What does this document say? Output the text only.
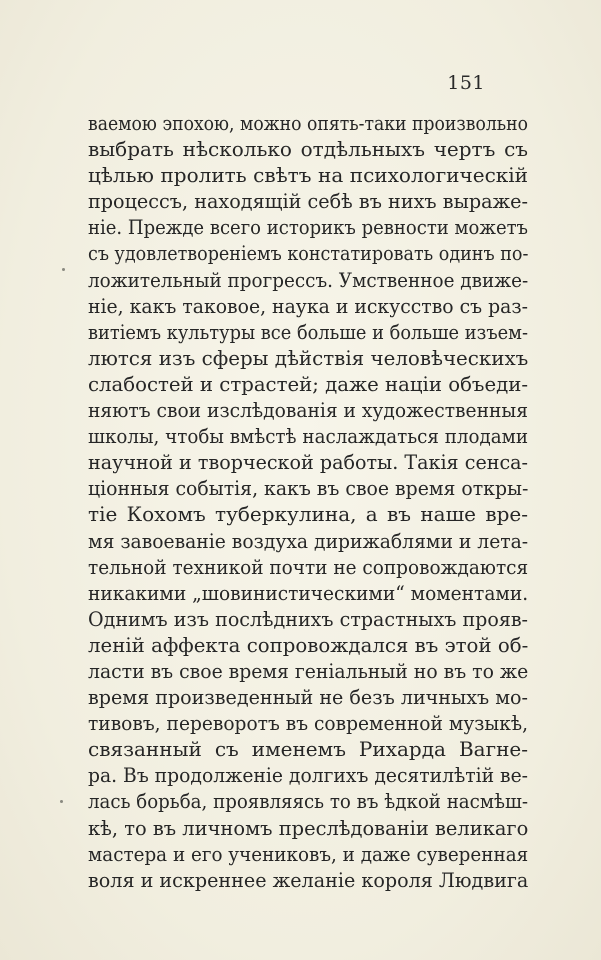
151
ваемою эпохою, можно опять-таки произвольно
выбрать нѣсколько отдѣльныхъ чертъ съ
цѣлью пролить свѣтъ на психологическій
процессъ, находящій себѣ въ нихъ выраже-
ніе. Прежде всего историкъ ревности можетъ
съ удовлетвореніемъ констатировать одинъ по-
ложительный прогрессъ. Умственное движе-
ніе, какъ таковое, наука и искусство съ раз-
витіемъ культуры все больше и больше изъем-
лются изъ сферы дѣйствія человѣческихъ
слабостей и страстей; даже націи объеди-
няютъ свои изслѣдованія и художественныя
школы, чтобы вмѣстѣ наслаждаться плодами
научной и творческой работы. Такія сенса-
ціонныя событія, какъ въ свое время откры-
тіе Кохомъ туберкулина, а въ наше вре-
мя завоеваніе воздуха дирижаблями и лета-
тельной техникой почти не сопровождаются
никакими „шовинистическими“ моментами.
Однимъ изъ послѣднихъ страстныхъ прояв-
леній аффекта сопровождался въ этой об-
ласти въ свое время геніальный но въ то же
время произведенный не безъ личныхъ мо-
тивовъ, переворотъ въ современной музыкѣ,
связанный съ именемъ Рихарда Вагне-
ра. Въ продолженіе долгихъ десятилѣтій ве-
лась борьба, проявляясь то въ ѣдкой насмѣш-
кѣ, то въ личномъ преслѣдованіи великаго
мастера и его учениковъ, и даже суверенная
воля и искреннее желаніе короля Людвига
